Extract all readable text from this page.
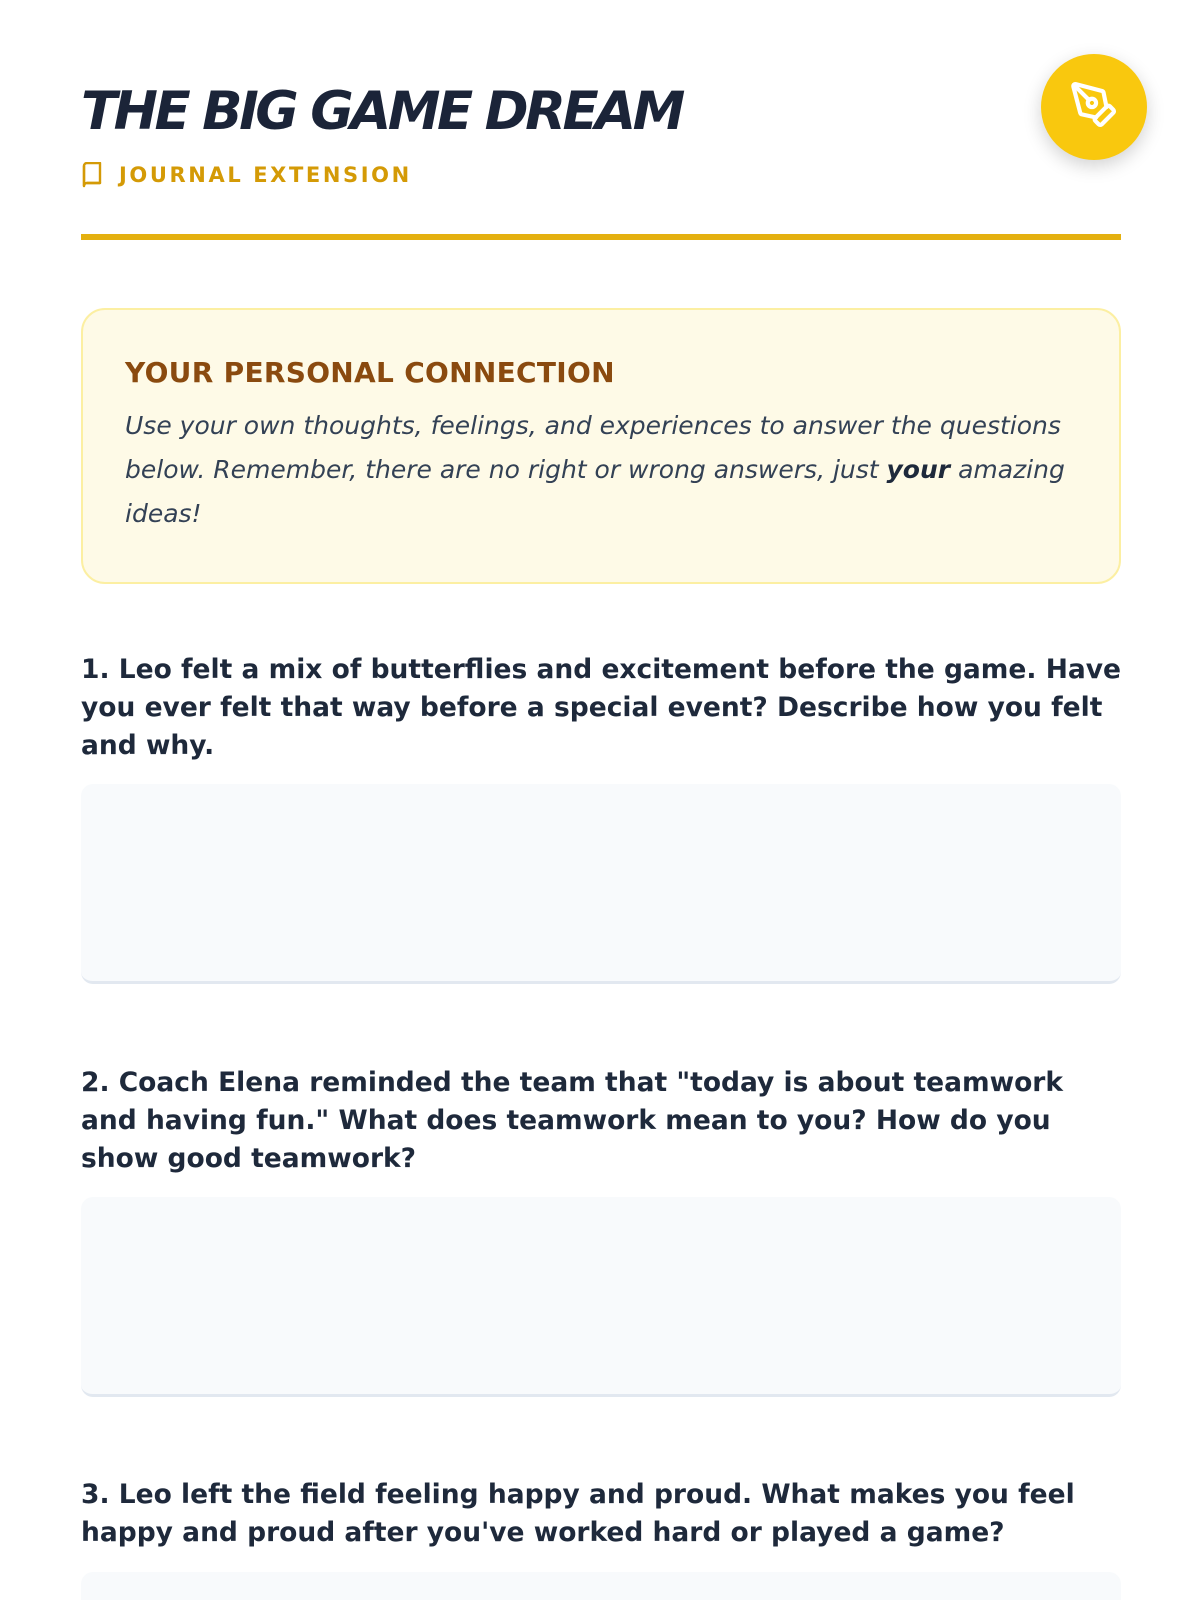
THE BIG GAME DREAM
JOURNAL EXTENSION
YOUR PERSONAL CONNECTION

Use your own thoughts, feelings, and experiences to answer the questions below. Remember, there are no right or wrong answers, just your amazing ideas!

1. Leo felt a mix of butterflies and excitement before the game. Have you ever felt that way before a special event? Describe how you felt and why.

2. Coach Elena reminded the team that "today is about teamwork and having fun." What does teamwork mean to you? How do you show good teamwork?

3. Leo left the field feeling happy and proud. What makes you feel happy and proud after you've worked hard or played a game?
